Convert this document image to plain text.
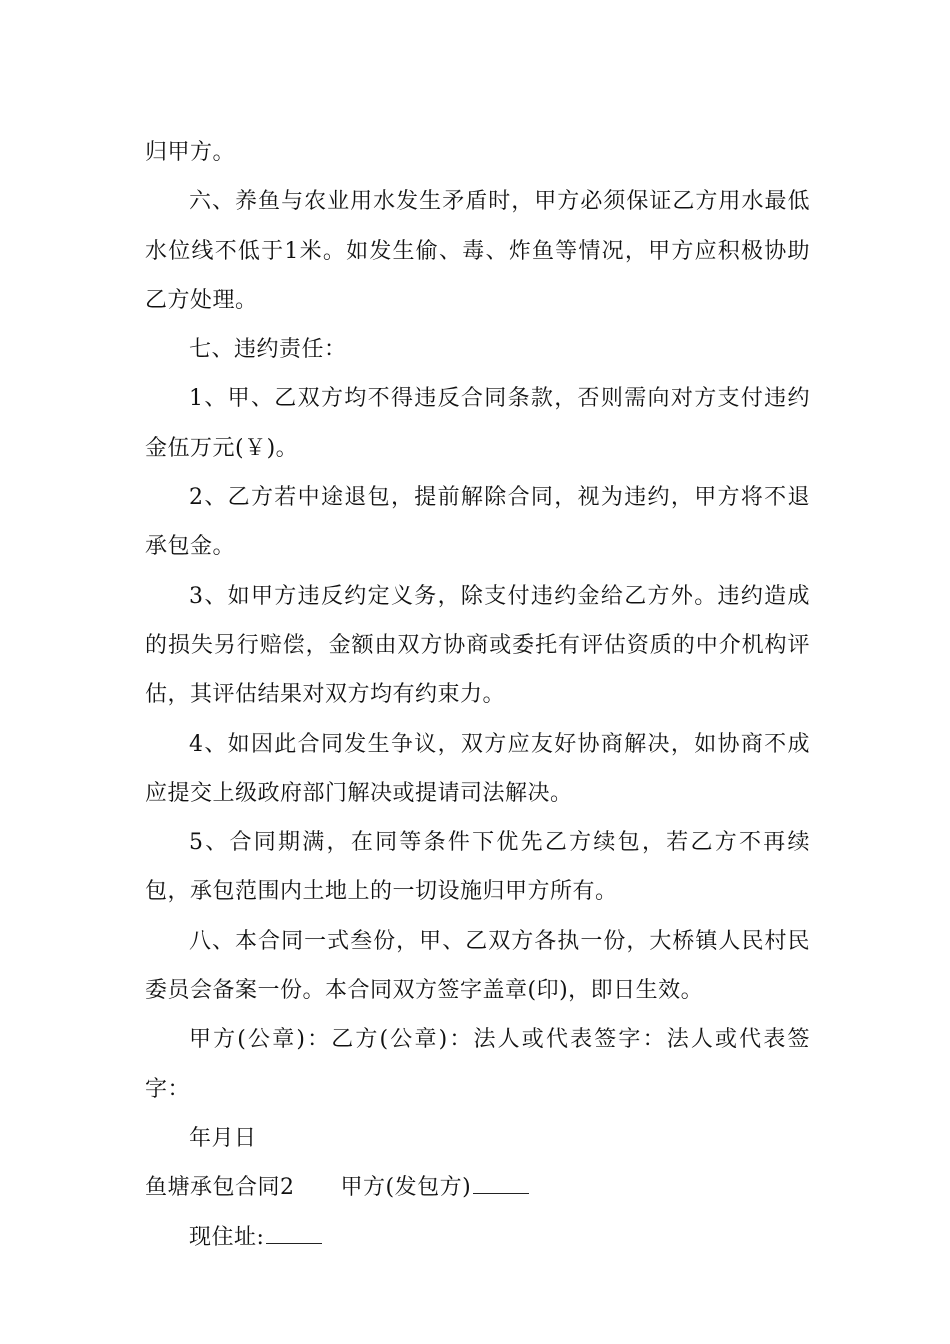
归甲方。

六、养鱼与农业用水发生矛盾时，甲方必须保证乙方用水最低水位线不低于1米。如发生偷、毒、炸鱼等情况，甲方应积极协助乙方处理。

七、违约责任：

1、甲、乙双方均不得违反合同条款，否则需向对方支付违约金伍万元(￥)。

2、乙方若中途退包，提前解除合同，视为违约，甲方将不退承包金。

3、如甲方违反约定义务，除支付违约金给乙方外。违约造成的损失另行赔偿，金额由双方协商或委托有评估资质的中介机构评估，其评估结果对双方均有约束力。

4、如因此合同发生争议，双方应友好协商解决，如协商不成应提交上级政府部门解决或提请司法解决。

5、合同期满，在同等条件下优先乙方续包，若乙方不再续包，承包范围内土地上的一切设施归甲方所有。

八、本合同一式叁份，甲、乙双方各执一份，大桥镇人民村民委员会备案一份。本合同双方签字盖章(印)，即日生效。

甲方(公章)：乙方(公章)：法人或代表签字：法人或代表签字：

年月日

鱼塘承包合同2 甲方(发包方)

现住址:
